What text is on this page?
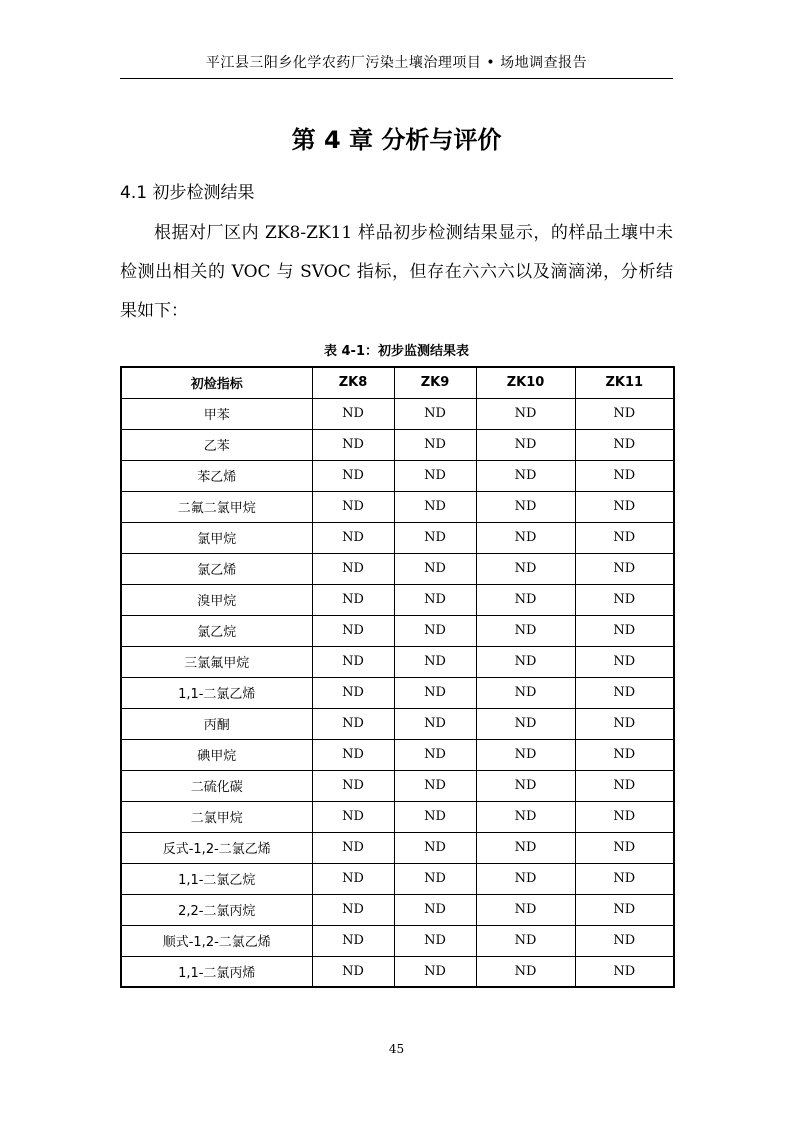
平江县三阳乡化学农药厂污染土壤治理项目 • 场地调查报告
第 4 章 分析与评价
4.1 初步检测结果
根据对厂区内 ZK8-ZK11 样品初步检测结果显示，的样品土壤中未检测出相关的 VOC 与 SVOC 指标，但存在六六六以及滴滴涕，分析结果如下：
表 4-1：初步监测结果表
初检指标	ZK8	ZK9	ZK10	ZK11
甲苯	ND	ND	ND	ND
乙苯	ND	ND	ND	ND
苯乙烯	ND	ND	ND	ND
二氟二氯甲烷	ND	ND	ND	ND
氯甲烷	ND	ND	ND	ND
氯乙烯	ND	ND	ND	ND
溴甲烷	ND	ND	ND	ND
氯乙烷	ND	ND	ND	ND
三氯氟甲烷	ND	ND	ND	ND
1,1-二氯乙烯	ND	ND	ND	ND
丙酮	ND	ND	ND	ND
碘甲烷	ND	ND	ND	ND
二硫化碳	ND	ND	ND	ND
二氯甲烷	ND	ND	ND	ND
反式-1,2-二氯乙烯	ND	ND	ND	ND
1,1-二氯乙烷	ND	ND	ND	ND
2,2-二氯丙烷	ND	ND	ND	ND
顺式-1,2-二氯乙烯	ND	ND	ND	ND
1,1-二氯丙烯	ND	ND	ND	ND
45
